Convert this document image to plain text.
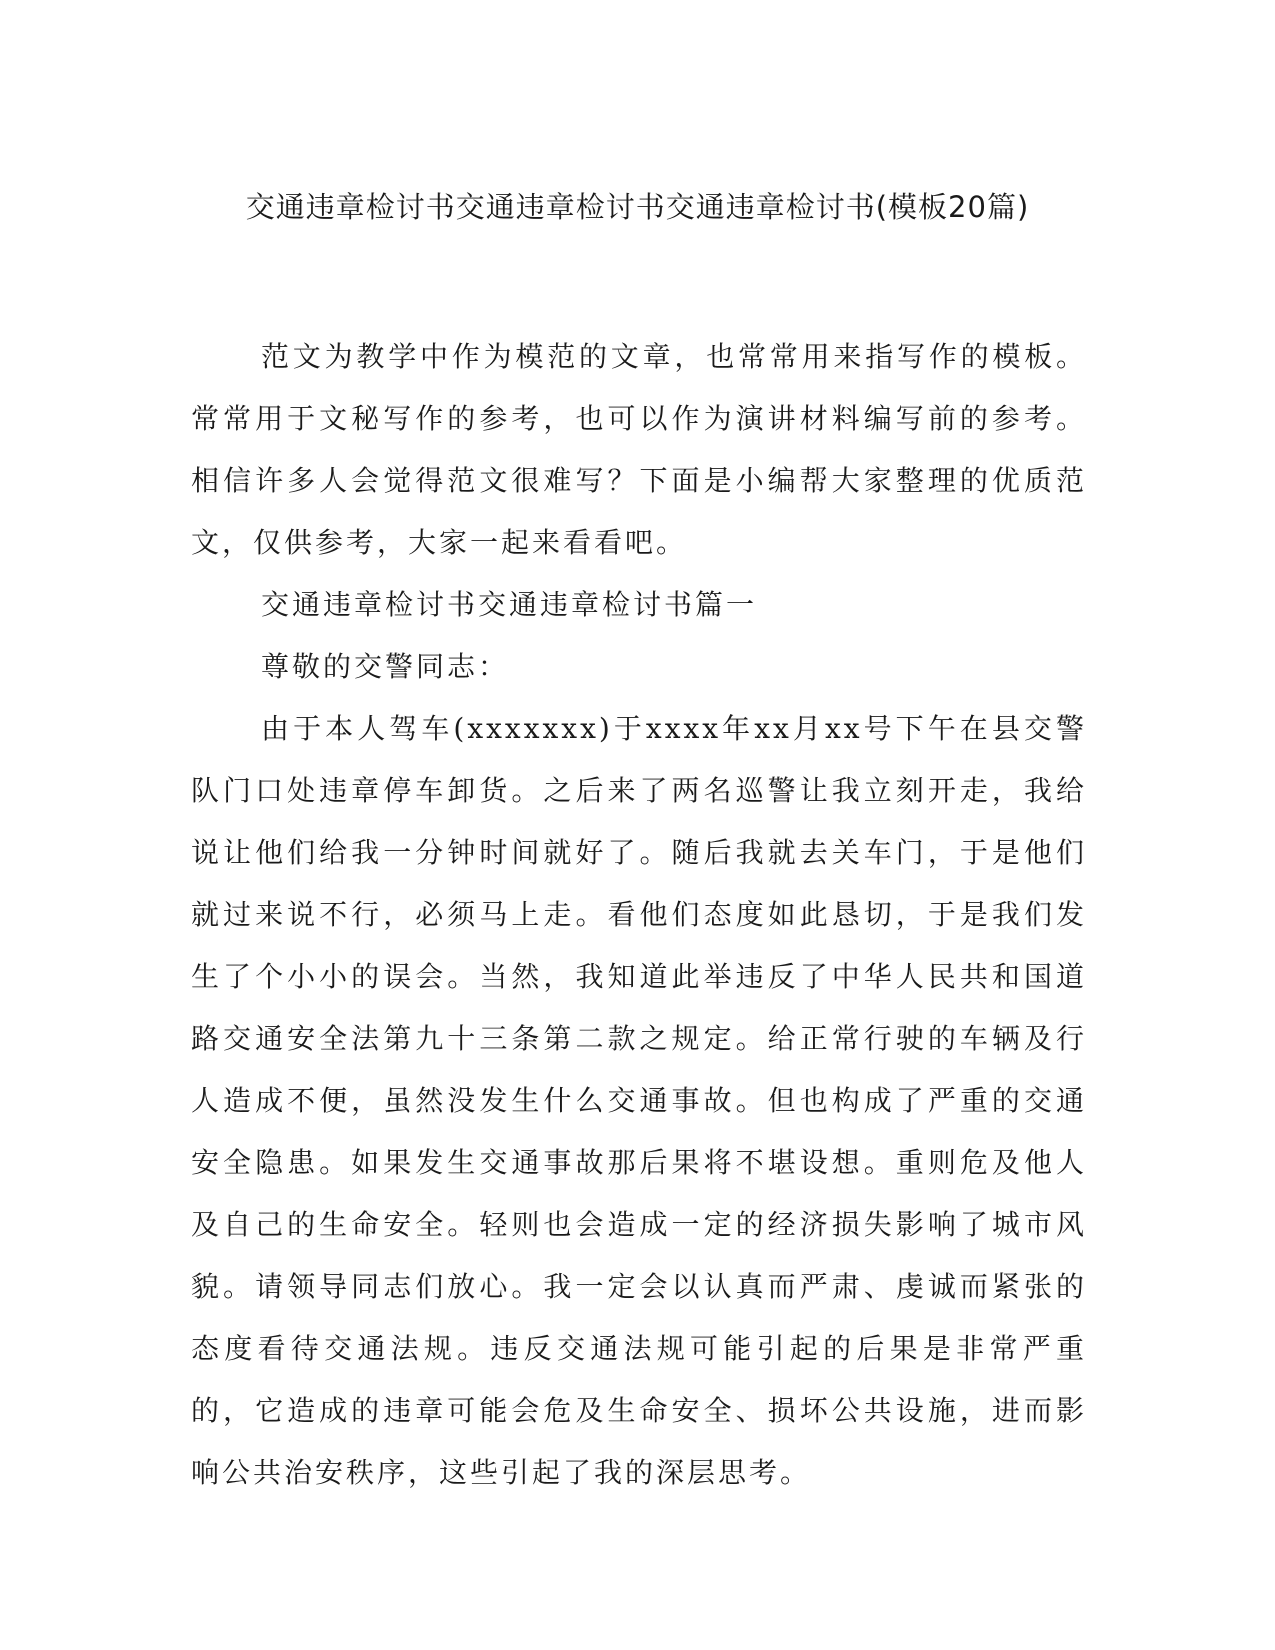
交通违章检讨书交通违章检讨书交通违章检讨书(模板20篇)

范文为教学中作为模范的文章，也常常用来指写作的模板。常常用于文秘写作的参考，也可以作为演讲材料编写前的参考。相信许多人会觉得范文很难写？下面是小编帮大家整理的优质范文，仅供参考，大家一起来看看吧。

交通违章检讨书交通违章检讨书篇一

尊敬的交警同志：

由于本人驾车(xxxxxxx)于xxxx年xx月xx号下午在县交警队门口处违章停车卸货。之后来了两名巡警让我立刻开走，我给说让他们给我一分钟时间就好了。随后我就去关车门，于是他们就过来说不行，必须马上走。看他们态度如此恳切，于是我们发生了个小小的误会。当然，我知道此举违反了中华人民共和国道路交通安全法第九十三条第二款之规定。给正常行驶的车辆及行人造成不便，虽然没发生什么交通事故。但也构成了严重的交通安全隐患。如果发生交通事故那后果将不堪设想。重则危及他人及自己的生命安全。轻则也会造成一定的经济损失影响了城市风貌。请领导同志们放心。我一定会以认真而严肃、虔诚而紧张的态度看待交通法规。违反交通法规可能引起的后果是非常严重的，它造成的违章可能会危及生命安全、损坏公共设施，进而影响公共治安秩序，这些引起了我的深层思考。
